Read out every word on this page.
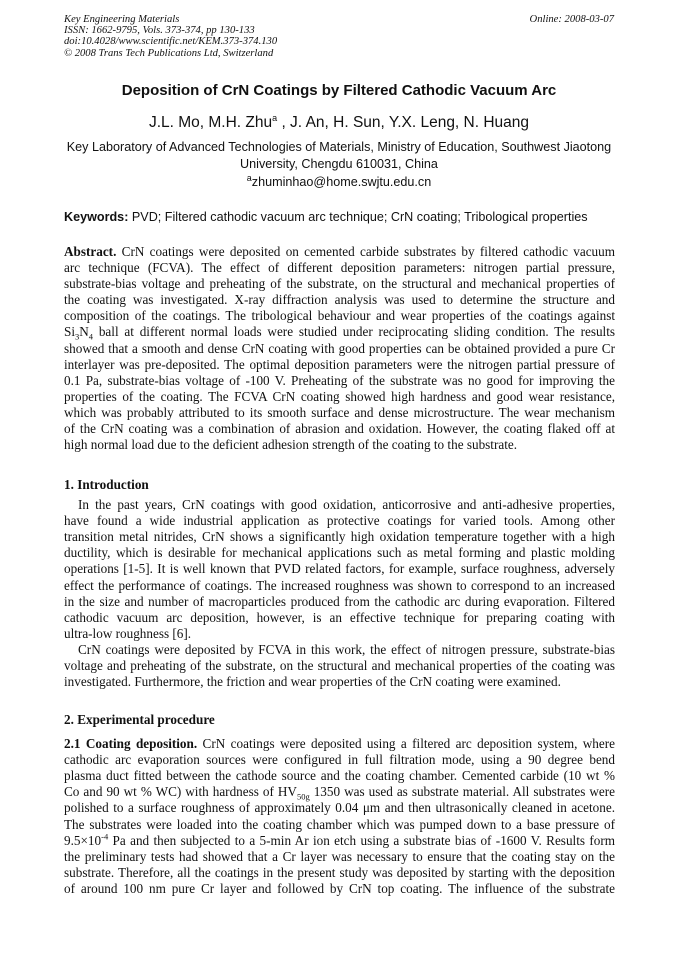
Key Engineering Materials
ISSN: 1662-9795, Vols. 373-374, pp 130-133
doi:10.4028/www.scientific.net/KEM.373-374.130
© 2008 Trans Tech Publications Ltd, Switzerland
Online: 2008-03-07
Deposition of CrN Coatings by Filtered Cathodic Vacuum Arc
J.L. Mo, M.H. Zhu$^a$ , J. An, H. Sun, Y.X. Leng, N. Huang
Key Laboratory of Advanced Technologies of Materials, Ministry of Education, Southwest Jiaotong
University, Chengdu 610031, China
$^a$zhuminhao@home.swjtu.edu.cn
Keywords: PVD; Filtered cathodic vacuum arc technique; CrN coating; Tribological properties
Abstract. CrN coatings were deposited on cemented carbide substrates by filtered cathodic vacuum
arc technique (FCVA). The effect of different deposition parameters: nitrogen partial pressure,
substrate-bias voltage and preheating of the substrate, on the structural and mechanical properties of
the coating was investigated. X-ray diffraction analysis was used to determine the structure and
composition of the coatings. The tribological behaviour and wear properties of the coatings against
$Si_3N_4$ ball at different normal loads were studied under reciprocating sliding condition. The results
showed that a smooth and dense CrN coating with good properties can be obtained provided a pure Cr
interlayer was pre-deposited. The optimal deposition parameters were the nitrogen partial pressure of
0.1 Pa, substrate-bias voltage of -100 V. Preheating of the substrate was no good for improving the
properties of the coating. The FCVA CrN coating showed high hardness and good wear resistance,
which was probably attributed to its smooth surface and dense microstructure. The wear mechanism
of the CrN coating was a combination of abrasion and oxidation. However, the coating flaked off at
high normal load due to the deficient adhesion strength of the coating to the substrate.
1. Introduction
In the past years, CrN coatings with good oxidation, anticorrosive and anti-adhesive properties,
have found a wide industrial application as protective coatings for varied tools. Among other
transition metal nitrides, CrN shows a significantly high oxidation temperature together with a high
ductility, which is desirable for mechanical applications such as metal forming and plastic molding
operations [1-5]. It is well known that PVD related factors, for example, surface roughness, adversely
effect the performance of coatings. The increased roughness was shown to correspond to an increased
in the size and number of macroparticles produced from the cathodic arc during evaporation. Filtered
cathodic vacuum arc deposition, however, is an effective technique for preparing coating with
ultra-low roughness [6].
CrN coatings were deposited by FCVA in this work, the effect of nitrogen pressure, substrate-bias
voltage and preheating of the substrate, on the structural and mechanical properties of the coating was
investigated. Furthermore, the friction and wear properties of the CrN coating were examined.
2. Experimental procedure
2.1 Coating deposition. CrN coatings were deposited using a filtered arc deposition system, where
cathodic arc evaporation sources were configured in full filtration mode, using a 90 degree bend
plasma duct fitted between the cathode source and the coating chamber. Cemented carbide (10 wt %
Co and 90 wt % WC) with hardness of $HV_{50g}$ 1350 was used as substrate material. All substrates were
polished to a surface roughness of approximately 0.04 μm and then ultrasonically cleaned in acetone.
The substrates were loaded into the coating chamber which was pumped down to a base pressure of
$9.5\times 10^{-4}$ Pa and then subjected to a 5-min Ar ion etch using a substrate bias of -1600 V. Results form
the preliminary tests had showed that a Cr layer was necessary to ensure that the coating stay on the
substrate. Therefore, all the coatings in the present study was deposited by starting with the deposition
of around 100 nm pure Cr layer and followed by CrN top coating. The influence of the substrate
